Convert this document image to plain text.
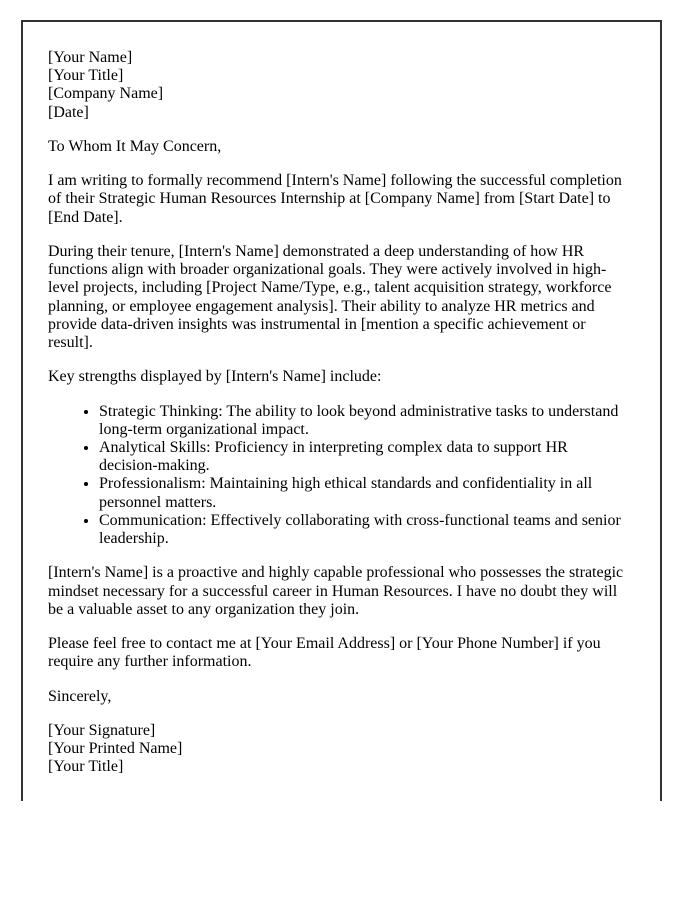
[Your Name]
[Your Title]
[Company Name]
[Date]

To Whom It May Concern,

I am writing to formally recommend [Intern's Name] following the successful completion of their Strategic Human Resources Internship at [Company Name] from [Start Date] to [End Date].

During their tenure, [Intern's Name] demonstrated a deep understanding of how HR functions align with broader organizational goals. They were actively involved in high-level projects, including [Project Name/Type, e.g., talent acquisition strategy, workforce planning, or employee engagement analysis]. Their ability to analyze HR metrics and provide data-driven insights was instrumental in [mention a specific achievement or result].

Key strengths displayed by [Intern's Name] include:

• Strategic Thinking: The ability to look beyond administrative tasks to understand long-term organizational impact.
• Analytical Skills: Proficiency in interpreting complex data to support HR decision-making.
• Professionalism: Maintaining high ethical standards and confidentiality in all personnel matters.
• Communication: Effectively collaborating with cross-functional teams and senior leadership.

[Intern's Name] is a proactive and highly capable professional who possesses the strategic mindset necessary for a successful career in Human Resources. I have no doubt they will be a valuable asset to any organization they join.

Please feel free to contact me at [Your Email Address] or [Your Phone Number] if you require any further information.

Sincerely,

[Your Signature]
[Your Printed Name]
[Your Title]
